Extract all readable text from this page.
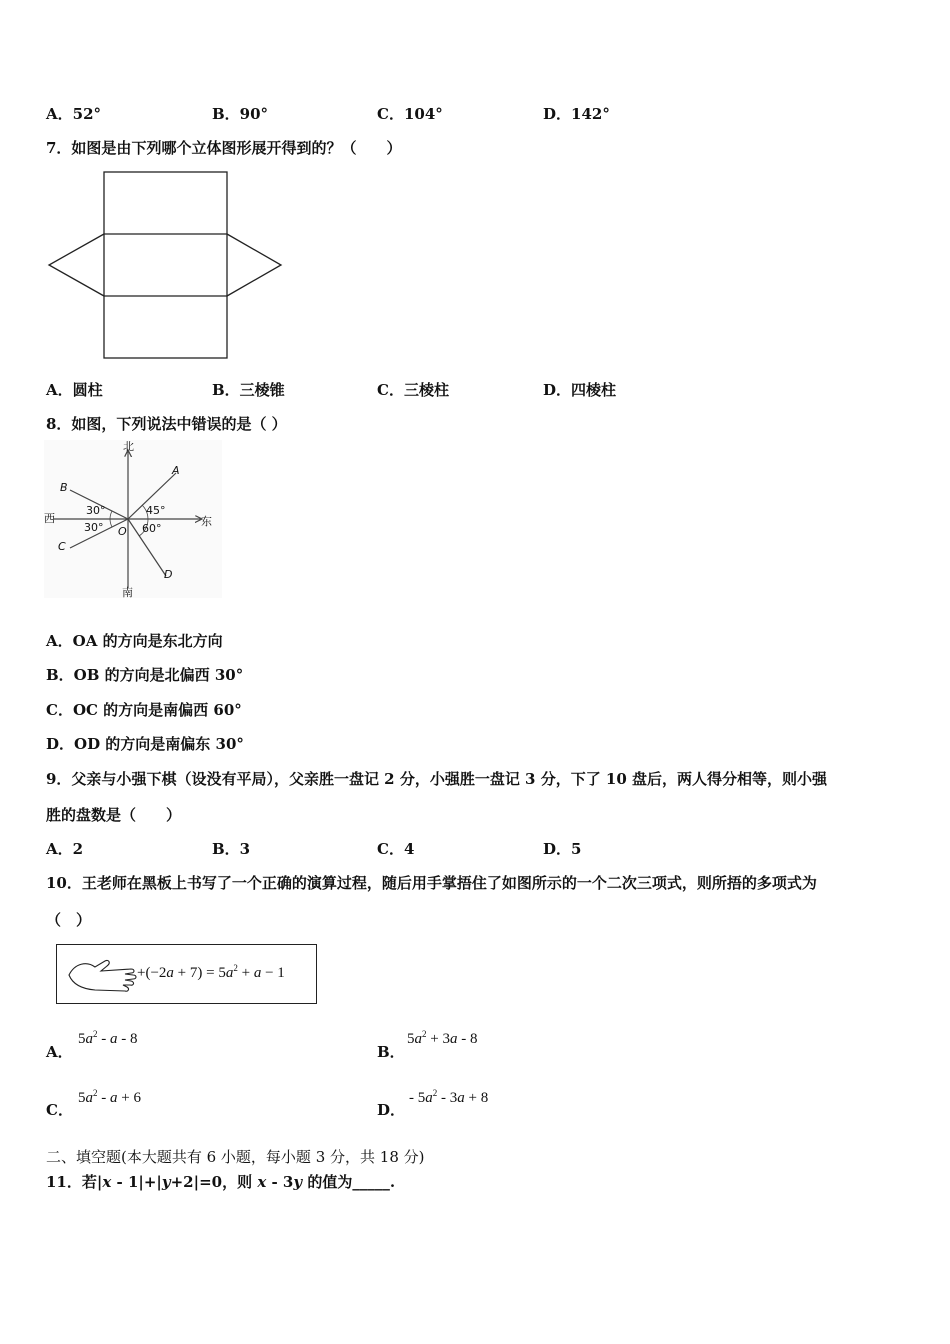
A．52°	B．90°	C．104°	D．142°
7．如图是由下列哪个立体图形展开得到的？（　　）
A．圆柱	B．三棱锥	C．三棱柱	D．四棱柱
8．如图，下列说法中错误的是（ ）
北
南
东
西
A
B
C
D
O
30°
30°
45°
60°
A．OA 的方向是东北方向
B．OB 的方向是北偏西 30°
C．OC 的方向是南偏西 60°
D．OD 的方向是南偏东 30°
9．父亲与小强下棋（设没有平局），父亲胜一盘记 2 分，小强胜一盘记 3 分，下了 10 盘后，两人得分相等，则小强
胜的盘数是（　　）
A．2	B．3	C．4	D．5
10．王老师在黑板上书写了一个正确的演算过程，随后用手掌捂住了如图所示的一个二次三项式，则所捂的多项式为
（　）
$+(-2a + 7) = 5a^2 + a - 1$
A．
$5a^2$ - a - 8
B．
$5a^2 + 3a - 8$
C．
$5a^2 - a + 6$
D．
- $5a^2 - 3a + 8$
二、填空题(本大题共有 6 小题，每小题 3 分，共 18 分)
11．若|x - 1|+|y+2|=0，则 x - 3y 的值为_____.
